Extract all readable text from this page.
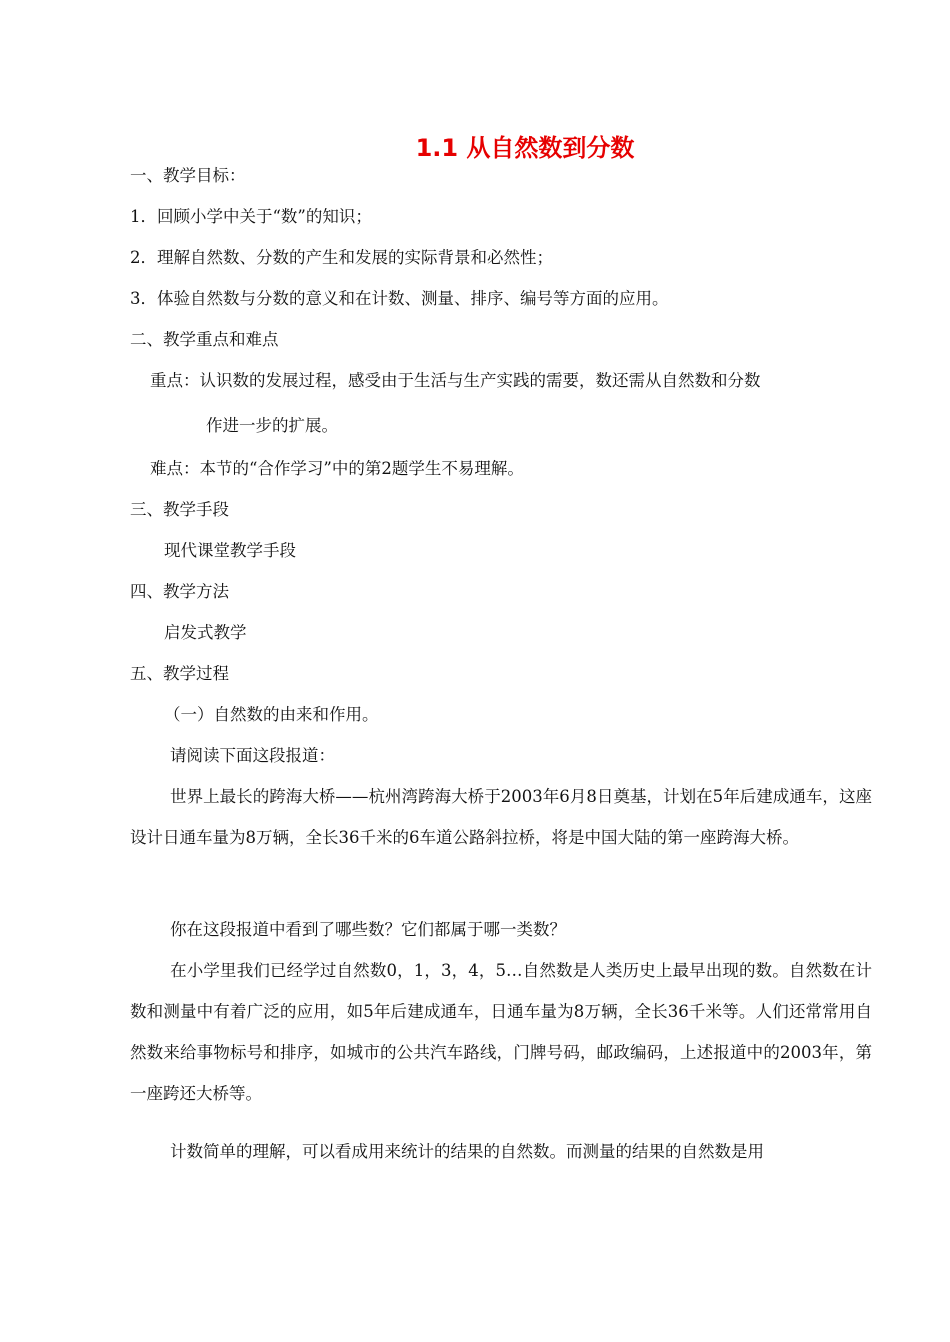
1.1 从自然数到分数
一、教学目标：
1．回顾小学中关于“数”的知识；
2．理解自然数、分数的产生和发展的实际背景和必然性；
3．体验自然数与分数的意义和在计数、测量、排序、编号等方面的应用。
二、教学重点和难点
重点：认识数的发展过程，感受由于生活与生产实践的需要，数还需从自然数和分数
作进一步的扩展。
难点：本节的“合作学习”中的第2题学生不易理解。
三、教学手段
现代课堂教学手段
四、教学方法
启发式教学
五、教学过程
（一）自然数的由来和作用。
请阅读下面这段报道：
世界上最长的跨海大桥——杭州湾跨海大桥于2003年6月8日奠基，计划在5年后建成通车，这座设计日通车量为8万辆，全长36千米的6车道公路斜拉桥，将是中国大陆的第一座跨海大桥。
你在这段报道中看到了哪些数？它们都属于哪一类数？
在小学里我们已经学过自然数0，1，3，4，5…自然数是人类历史上最早出现的数。自然数在计数和测量中有着广泛的应用，如5年后建成通车，日通车量为8万辆，全长36千米等。人们还常常用自然数来给事物标号和排序，如城市的公共汽车路线，门牌号码，邮政编码，上述报道中的2003年，第一座跨还大桥等。
计数简单的理解，可以看成用来统计的结果的自然数。而测量的结果的自然数是用
